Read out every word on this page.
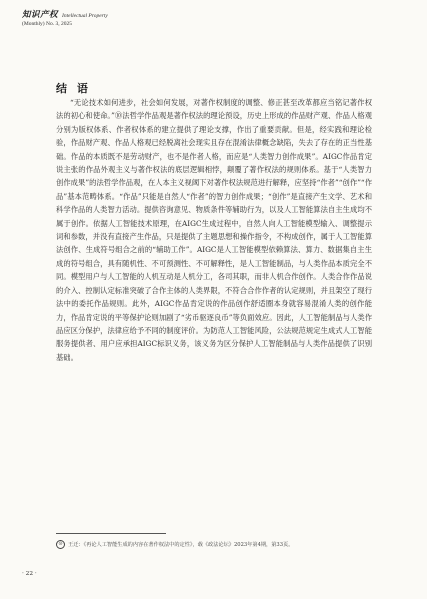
知识产权 Intellectual Property
(Monthly) No. 3, 2025
结 语

“无论技术如何进步，社会如何发展，对著作权制度的调整、修正甚至改革都应当铭记著作权法的初心和使命。”⑩法哲学作品观是著作权法的理论预设，历史上形成的作品财产观、作品人格观分别为版权体系、作者权体系的建立提供了理论支撑，作出了重要贡献。但是，经实践和理论检验，作品财产观、作品人格观已经脱离社会现实且存在混淆法律概念缺陷，失去了存在的正当性基础。作品的本质既不是劳动财产，也不是作者人格，而应是“人类智力创作成果”。AIGC作品肯定说主张的作品外观主义与著作权法的底层逻辑相悖，颠覆了著作权法的规则体系。基于“人类智力创作成果”的法哲学作品观，在人本主义视阈下对著作权法规范进行解释，应坚持“作者”“创作”“作品”基本范畴体系。“作品”只能是自然人“作者”的智力创作成果；“创作”是直接产生文学、艺术和科学作品的人类智力活动。提供咨询意见、物质条件等辅助行为，以及人工智能算法自主生成均不属于创作。依据人工智能技术原理，在AIGC生成过程中，自然人向人工智能模型输入、调整提示词和参数，并没有直接产生作品，只是提供了主题思想和操作指令，不构成创作，属于人工智能算法创作、生成符号组合之前的“辅助工作”。AIGC是人工智能模型依赖算法、算力、数据集自主生成的符号组合，具有随机性、不可预测性、不可解释性，是人工智能制品，与人类作品本质完全不同。模型用户与人工智能的人机互动是人机分工，各司其职，而非人机合作创作。人类合作作品说的介入、控制认定标准突破了合作主体的人类界限，不符合合作作者的认定规则，并且架空了现行法中的委托作品规则。此外，AIGC作品肯定说的作品创作舒适圈本身就容易混淆人类的创作能力，作品肯定说的平等保护论则加剧了“劣币驱逐良币”等负面效应。因此，人工智能制品与人类作品应区分保护，法律应给予不同的制度评价。为防范人工智能风险，公法规范规定生成式人工智能服务提供者、用户应承担AIGC标识义务，该义务为区分保护人工智能制品与人类作品提供了识别基础。

⑩ 王迁：《再论人工智能生成的内容在著作权法中的定性》，载《政法论坛》2023年第4期，第33页。
· 22 ·
